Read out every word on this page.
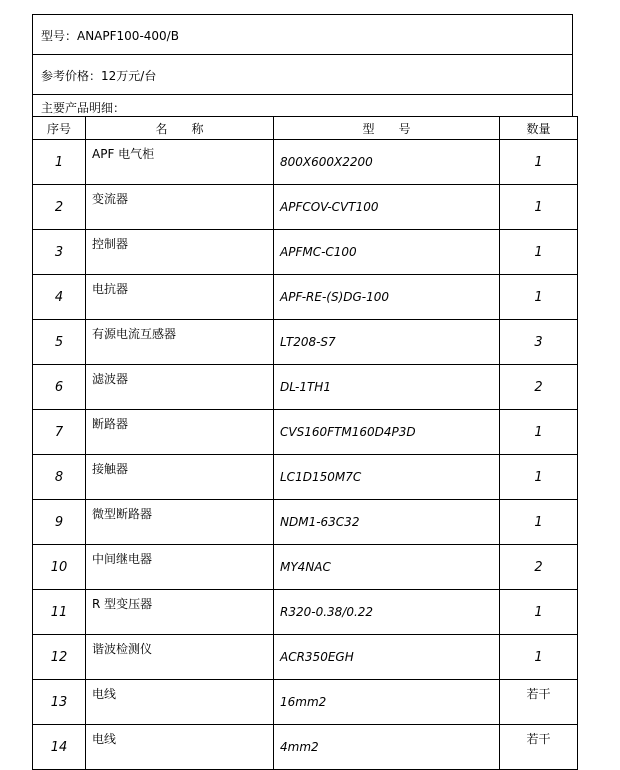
型号：ANAPF100-400/B
参考价格：12万元/台
主要产品明细：
序号	名　　称	型　　号	数量
1	APF 电气柜	800X600X2200	1
2	变流器	APFCOV-CVT100	1
3	控制器	APFMC-C100	1
4	电抗器	APF-RE-(S)DG-100	1
5	有源电流互感器	LT208-S7	3
6	滤波器	DL-1TH1	2
7	断路器	CVS160FTM160D4P3D	1
8	接触器	LC1D150M7C	1
9	微型断路器	NDM1-63C32	1
10	中间继电器	MY4NAC	2
11	R 型变压器	R320-0.38/0.22	1
12	谐波检测仪	ACR350EGH	1
13	电线	16mm2	若干
14	电线	4mm2	若干
